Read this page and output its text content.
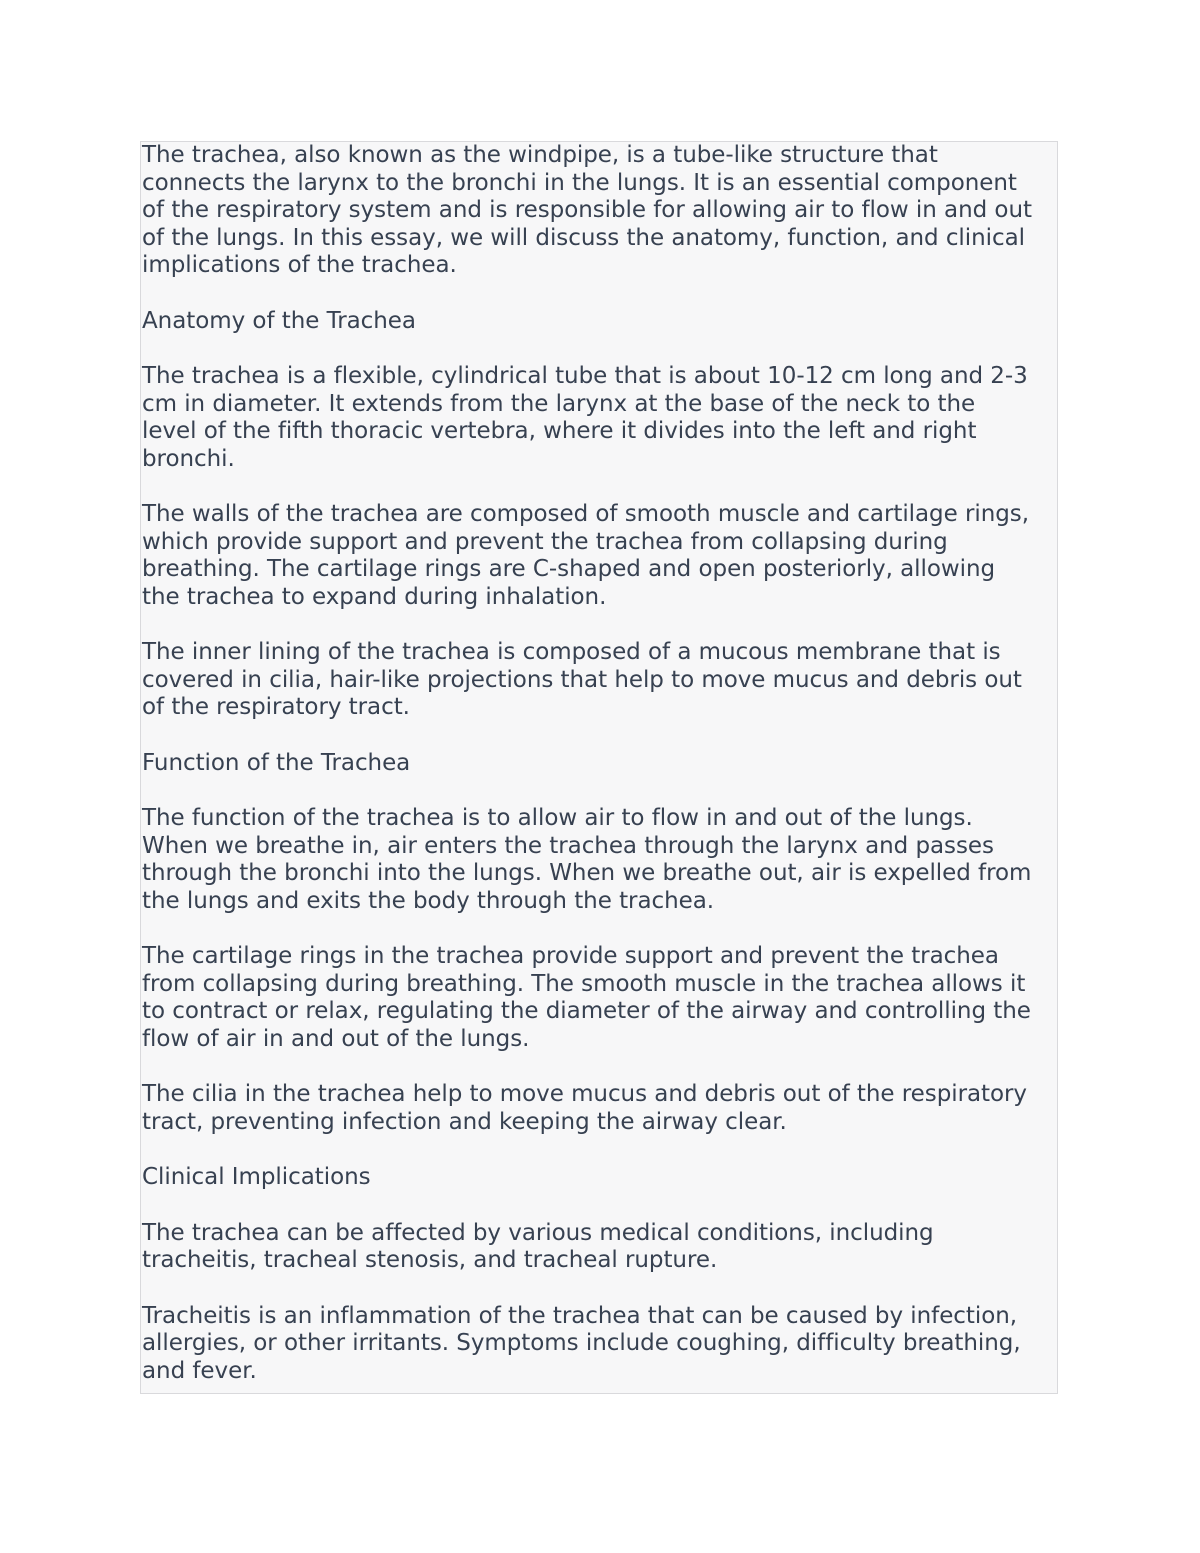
The trachea, also known as the windpipe, is a tube-like structure that
connects the larynx to the bronchi in the lungs. It is an essential component
of the respiratory system and is responsible for allowing air to flow in and out
of the lungs. In this essay, we will discuss the anatomy, function, and clinical
implications of the trachea.

Anatomy of the Trachea

The trachea is a flexible, cylindrical tube that is about 10-12 cm long and 2-3
cm in diameter. It extends from the larynx at the base of the neck to the
level of the fifth thoracic vertebra, where it divides into the left and right
bronchi.

The walls of the trachea are composed of smooth muscle and cartilage rings,
which provide support and prevent the trachea from collapsing during
breathing. The cartilage rings are C-shaped and open posteriorly, allowing
the trachea to expand during inhalation.

The inner lining of the trachea is composed of a mucous membrane that is
covered in cilia, hair-like projections that help to move mucus and debris out
of the respiratory tract.

Function of the Trachea

The function of the trachea is to allow air to flow in and out of the lungs.
When we breathe in, air enters the trachea through the larynx and passes
through the bronchi into the lungs. When we breathe out, air is expelled from
the lungs and exits the body through the trachea.

The cartilage rings in the trachea provide support and prevent the trachea
from collapsing during breathing. The smooth muscle in the trachea allows it
to contract or relax, regulating the diameter of the airway and controlling the
flow of air in and out of the lungs.

The cilia in the trachea help to move mucus and debris out of the respiratory
tract, preventing infection and keeping the airway clear.

Clinical Implications

The trachea can be affected by various medical conditions, including
tracheitis, tracheal stenosis, and tracheal rupture.

Tracheitis is an inflammation of the trachea that can be caused by infection,
allergies, or other irritants. Symptoms include coughing, difficulty breathing,
and fever.
